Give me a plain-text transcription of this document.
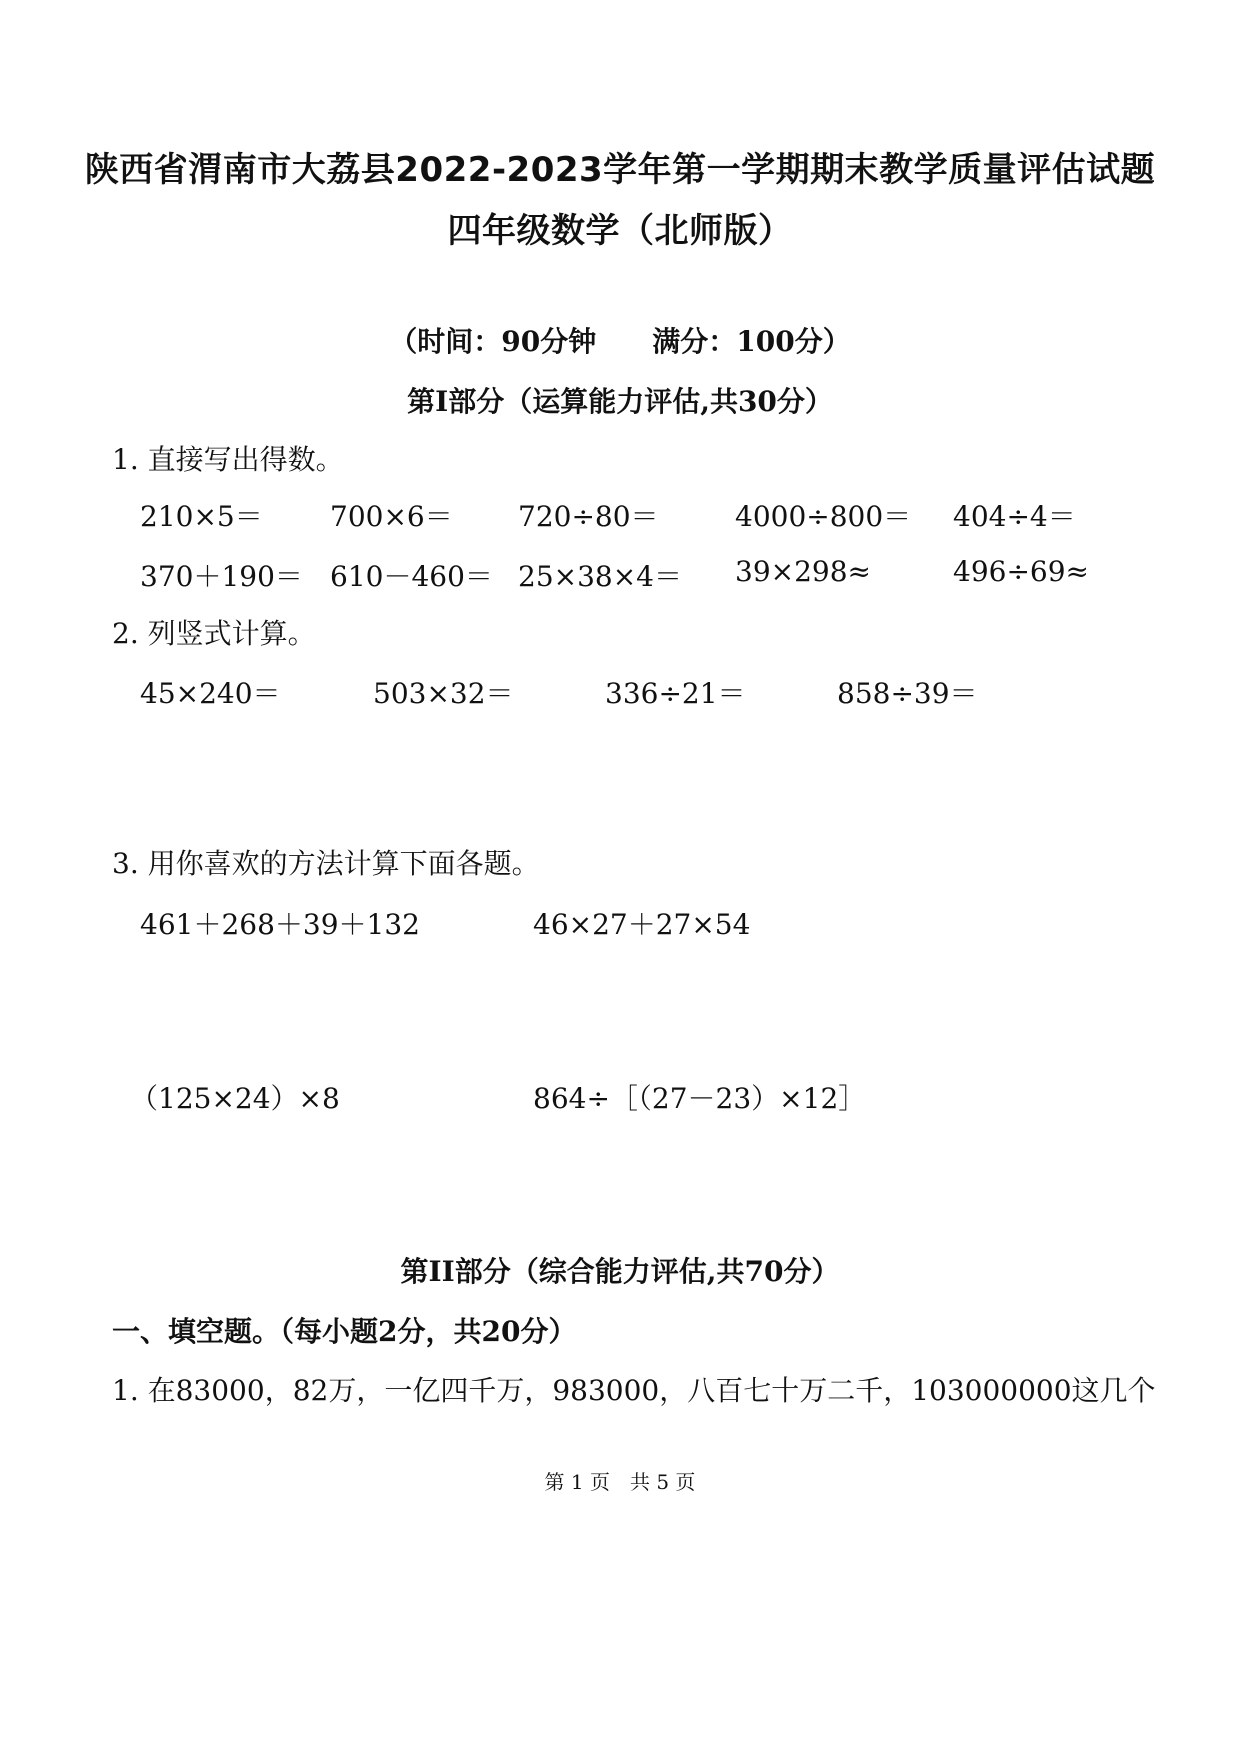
陕西省渭南市大荔县2022-2023学年第一学期期末教学质量评估试题
四年级数学（北师版）
（时间：90分钟　　满分：100分）
第Ⅰ部分（运算能力评估,共30分）
1. 直接写出得数。
210×5＝ 700×6＝ 720÷80＝	4000÷800＝ 404÷4＝
370＋190＝ 610－460＝ 25×38×4＝ 39×298≈	496÷69≈
2. 列竖式计算。
45×240＝	503×32＝	336÷21＝	858÷39＝
3. 用你喜欢的方法计算下面各题。
461＋268＋39＋132	46×27＋27×54
（125×24）×8	864÷［（27－23）×12］
第II部分（综合能力评估,共70分）
一、填空题。（每小题2分，共20分）
1. 在83000，82万，一亿四千万，983000，八百七十万二千，103000000这几个
第 1 页　共 5 页
